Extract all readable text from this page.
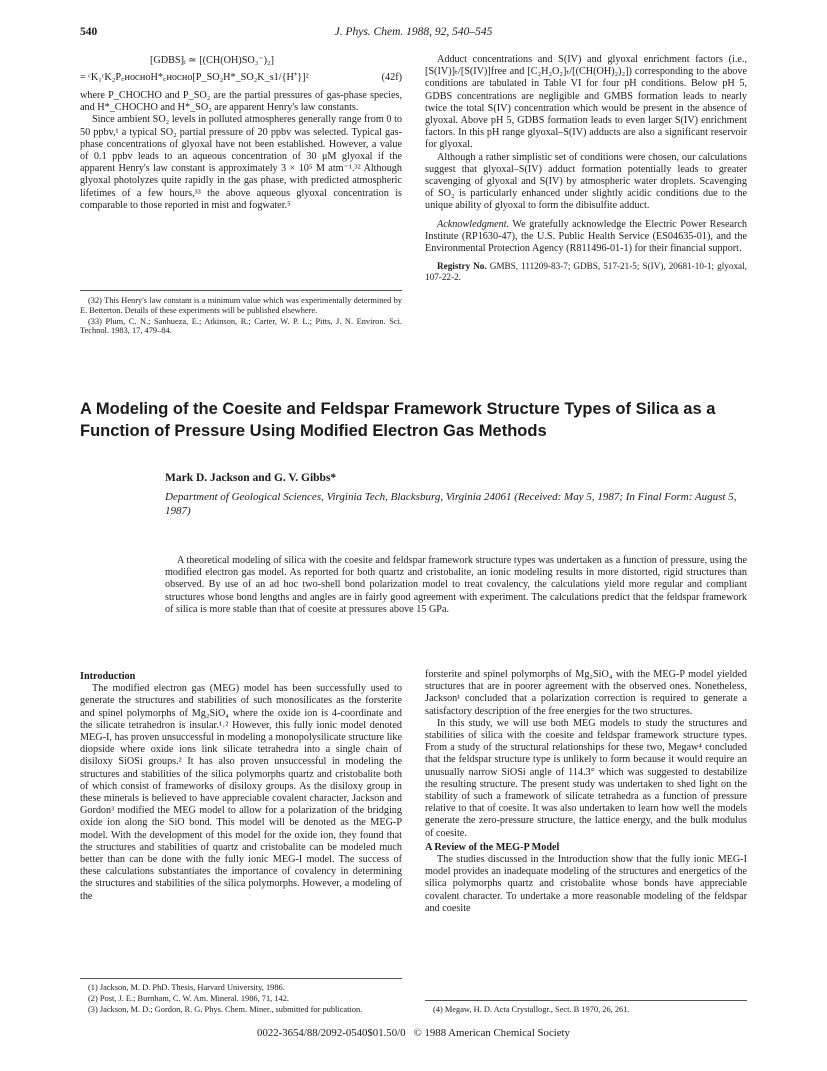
540	J. Phys. Chem. 1988, 92, 540–545
[GDBS]ᵢ ≃ [(CH(OH)SO₃⁻)₂]
= ᶜK₁ᶜK₂P꜀ʜᴏᴄʜᴏH*꜀ʜᴏᴄʜᴏ[P_SO₂H*_SO₂K_s1/{H⁺}]²	(42f)

where P_CHOCHO and P_SO₂ are the partial pressures of gas-phase species, and H*_CHOCHO and H*_SO₂ are apparent Henry's law constants.

Since ambient SO₂ levels in polluted atmospheres generally range from 0 to 50 ppbv,¹ a typical SO₂ partial pressure of 20 ppbv was selected. Typical gas-phase concentrations of glyoxal have not been established. However, a value of 0.1 ppbv leads to an aqueous concentration of 30 μM glyoxal if the apparent Henry's law constant is approximately 3 × 10⁵ M atm⁻¹.³² Although glyoxal photolyzes quite rapidly in the gas phase, with predicted atmospheric lifetimes of a few hours,³³ the above aqueous glyoxal concentration is comparable to those reported in mist and fogwater.⁵

(32) This Henry's law constant is a minimum value which was experimentally determined by E. Betterton. Details of these experiments will be published elsewhere.

(33) Plum, C. N.; Sanhueza, E.; Atkinson, R.; Carter, W. P. L.; Pitts, J. N. Environ. Sci. Technol. 1983, 17, 479–84.

Adduct concentrations and S(IV) and glyoxal enrichment factors (i.e., [S(IV)]ₜ/[S(IV)]free and [C₂H₂O₂]ₜ/[(CH(OH)₂)₂]) corresponding to the above conditions are tabulated in Table VI for four pH conditions. Below pH 5, GDBS concentrations are negligible and GMBS formation leads to nearly twice the total S(IV) concentration which would be present in the absence of glyoxal. Above pH 5, GDBS formation leads to even larger S(IV) enrichment factors. In this pH range glyoxal–S(IV) adducts are also a significant reservoir for glyoxal.

Although a rather simplistic set of conditions were chosen, our calculations suggest that glyoxal–S(IV) adduct formation potentially leads to greater scavenging of glyoxal and S(IV) by atmospheric water droplets. Scavenging of SO₂ is particularly enhanced under slightly acidic conditions due to the unique ability of glyoxal to form the dibisulfite adduct.

Acknowledgment. We gratefully acknowledge the Electric Power Research Institute (RP1630-47), the U.S. Public Health Service (ES04635-01), and the Environmental Protection Agency (R811496-01-1) for their financial support.

Registry No. GMBS, 111209-83-7; GDBS, 517-21-5; S(IV), 20681-10-1; glyoxal, 107-22-2.

A Modeling of the Coesite and Feldspar Framework Structure Types of Silica as a Function of Pressure Using Modified Electron Gas Methods
Mark D. Jackson and G. V. Gibbs*
Department of Geological Sciences, Virginia Tech, Blacksburg, Virginia 24061 (Received: May 5, 1987; In Final Form: August 5, 1987)

A theoretical modeling of silica with the coesite and feldspar framework structure types was undertaken as a function of pressure, using the modified electron gas model. As reported for both quartz and cristobalite, an ionic modeling results in more distorted, rigid structures than observed. By use of an ad hoc two-shell bond polarization model to treat covalency, the calculations yield more regular and compliant structures whose bond lengths and angles are in fairly good agreement with experiment. The calculations predict that the feldspar framework of silica is more stable than that of coesite at pressures above 15 GPa.

Introduction

The modified electron gas (MEG) model has been successfully used to generate the structures and stabilities of such monosilicates as the forsterite and spinel polymorphs of Mg₂SiO₄ where the oxide ion is 4-coordinate and the silicate tetrahedron is insular.¹˒² However, this fully ionic model denoted MEG-I, has proven unsuccessful in modeling a monopolysilicate structure like diopside where oxide ions link silicate tetrahedra into a single chain of disiloxy SiOSi groups.² It has also proven unsuccessful in modeling the structures and stabilities of the silica polymorphs quartz and cristobalite both of which consist of frameworks of disiloxy groups. As the disiloxy group in these minerals is believed to have appreciable covalent character, Jackson and Gordon³ modified the MEG model to allow for a polarization of the bridging oxide ion along the SiO bond. This model will be denoted as the MEG-P model. With the development of this model for the oxide ion, they found that the structures and stabilities of quartz and cristobalite can be modeled much better than can be done with the fully ionic MEG-I model. The success of these calculations substantiates the importance of covalency in determining the structures and stabilities of the silica polymorphs. However, a modeling of the

(1) Jackson, M. D. PhD. Thesis, Harvard University, 1986.

(2) Post, J. E.; Burnham, C. W. Am. Mineral. 1986, 71, 142.

(3) Jackson, M. D.; Gordon, R. G. Phys. Chem. Miner., submitted for publication.

forsterite and spinel polymorphs of Mg₂SiO₄ with the MEG-P model yielded structures that are in poorer agreement with the observed ones. Nonetheless, Jackson¹ concluded that a polarization correction is required to generate a satisfactory description of the free energies for the two structures.

In this study, we will use both MEG models to study the structures and stabilities of silica with the coesite and feldspar framework structure types. From a study of the structural relationships for these two, Megaw⁴ concluded that the feldspar structure type is unlikely to form because it would require an unusually narrow SiOSi angle of 114.3° which was suggested to destabilize the resulting structure. The present study was undertaken to shed light on the stability of such a framework of silicate tetrahedra as a function of pressure relative to that of coesite. It was also undertaken to learn how well the models generate the zero-pressure structure, the lattice energy, and the bulk modulus of coesite.

A Review of the MEG-P Model

The studies discussed in the Introduction show that the fully ionic MEG-I model provides an inadequate modeling of the structures and energetics of the silica polymorphs quartz and cristobalite whose bonds have appreciable covalent character. To undertake a more reasonable modeling of the feldspar and coesite

(4) Megaw, H. D. Acta Crystallogr., Sect. B 1970, 26, 261.

0022-3654/88/2092-0540$01.50/0 © 1988 American Chemical Society
